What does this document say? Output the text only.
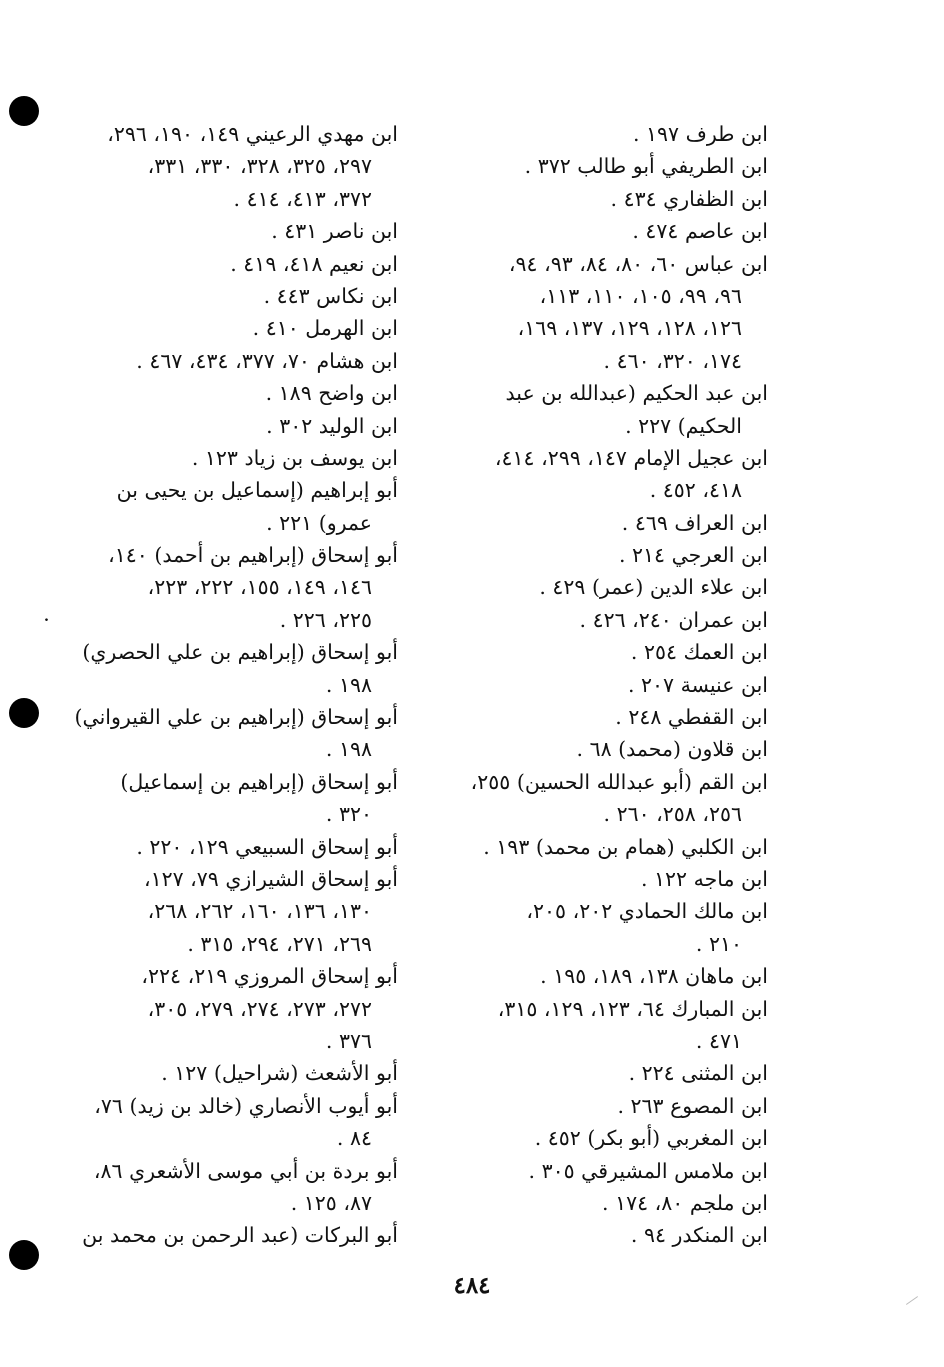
ابن طرف ١٩٧ .
ابن الطريفي أبو طالب ٣٧٢ .
ابن الظفاري ٤٣٤ .
ابن عاصم ٤٧٤ .
ابن عباس ٦٠، ٨٠، ٨٤، ٩٣، ٩٤،
٩٦، ٩٩، ١٠٥، ١١٠، ١١٣،
١٢٦، ١٢٨، ١٢٩، ١٣٧، ١٦٩،
١٧٤، ٣٢٠، ٤٦٠ .
ابن عبد الحكيم (عبدالله بن عبد
الحكيم) ٢٢٧ .
ابن عجيل الإمام ١٤٧، ٢٩٩، ٤١٤،
٤١٨، ٤٥٢ .
ابن العراف ٤٦٩ .
ابن العرجي ٢١٤ .
ابن علاء الدين (عمر) ٤٢٩ .
ابن عمران ٢٤٠، ٤٢٦ .
ابن العمك ٢٥٤ .
ابن عنيسة ٢٠٧ .
ابن القفطي ٢٤٨ .
ابن قلاون (محمد) ٦٨ .
ابن القم (أبو عبدالله الحسين) ٢٥٥،
٢٥٦، ٢٥٨، ٢٦٠ .
ابن الكلبي (همام بن محمد) ١٩٣ .
ابن ماجه ١٢٢ .
ابن مالك الحمادي ٢٠٢، ٢٠٥،
٢١٠ .
ابن ماهان ١٣٨، ١٨٩، ١٩٥ .
ابن المبارك ٦٤، ١٢٣، ١٢٩، ٣١٥،
٤٧١ .
ابن المثنى ٢٢٤ .
ابن المصوع ٢٦٣ .
ابن المغربي (أبو بكر) ٤٥٢ .
ابن ملامس المشيرقي ٣٠٥ .
ابن ملجم ٨٠، ١٧٤ .
ابن المنكدر ٩٤ .
ابن مهدي الرعيني ١٤٩، ١٩٠، ٢٩٦،
٢٩٧، ٣٢٥، ٣٢٨، ٣٣٠، ٣٣١،
٣٧٢، ٤١٣، ٤١٤ .
ابن ناصر ٤٣١ .
ابن نعيم ٤١٨، ٤١٩ .
ابن نكاس ٤٤٣ .
ابن الهرمل ٤١٠ .
ابن هشام ٧٠، ٣٧٧، ٤٣٤، ٤٦٧ .
ابن واضح ١٨٩ .
ابن الوليد ٣٠٢ .
ابن يوسف بن زياد ١٢٣ .
أبو إبراهيم (إسماعيل بن يحيى بن
عمرو) ٢٢١ .
أبو إسحاق (إبراهيم بن أحمد) ١٤٠،
١٤٦، ١٤٩، ١٥٥، ٢٢٢، ٢٢٣،
٢٢٥، ٢٢٦ .·
أبو إسحاق (إبراهيم بن علي الحصري)
١٩٨ .
أبو إسحاق (إبراهيم بن علي القيرواني)
١٩٨ .
أبو إسحاق (إبراهيم بن إسماعيل)
٣٢٠ .
أبو إسحاق السبيعي ١٢٩، ٢٢٠ .
أبو إسحاق الشيرازي ٧٩، ١٢٧،
١٣٠، ١٣٦، ١٦٠، ٢٦٢، ٢٦٨،
٢٦٩، ٢٧١، ٢٩٤، ٣١٥ .
أبو إسحاق المروزي ٢١٩، ٢٢٤،
٢٧٢، ٢٧٣، ٢٧٤، ٢٧٩، ٣٠٥،
٣٧٦ .
أبو الأشعث (شراحيل) ١٢٧ .
أبو أيوب الأنصاري (خالد بن زيد) ٧٦،
٨٤ .
أبو بردة بن أبي موسى الأشعري ٨٦،
٨٧، ١٢٥ .
أبو البركات (عبد الرحمن بن محمد بن
٤٨٤
